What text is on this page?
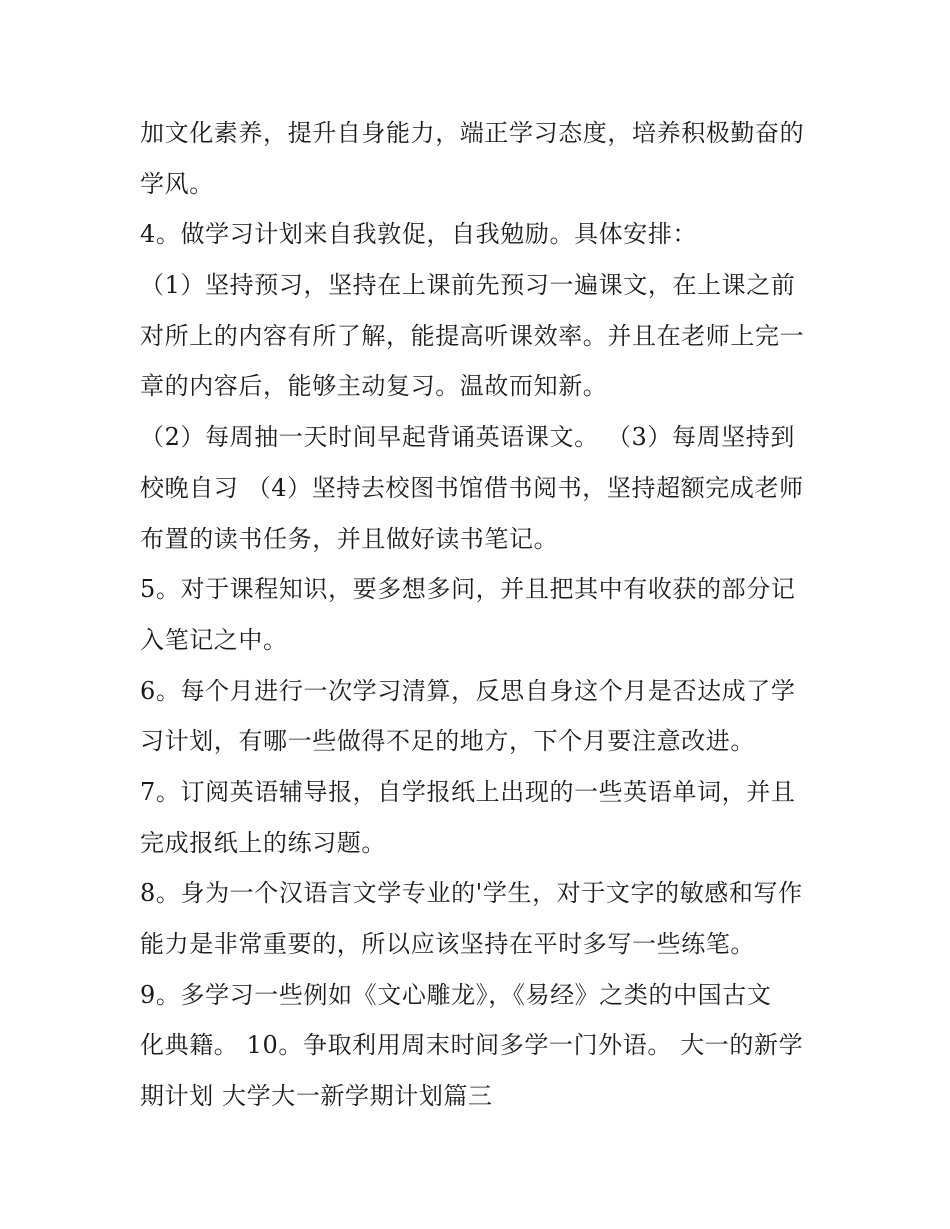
加文化素养，提升自身能力，端正学习态度，培养积极勤奋的
学风。
4。做学习计划来自我敦促，自我勉励。具体安排：
（1）坚持预习，坚持在上课前先预习一遍课文，在上课之前
对所上的内容有所了解，能提高听课效率。并且在老师上完一
章的内容后，能够主动复习。温故而知新。
（2）每周抽一天时间早起背诵英语课文。 （3）每周坚持到
校晚自习 （4）坚持去校图书馆借书阅书，坚持超额完成老师
布置的读书任务，并且做好读书笔记。
5。对于课程知识，要多想多问，并且把其中有收获的部分记
入笔记之中。
6。每个月进行一次学习清算，反思自身这个月是否达成了学
习计划，有哪一些做得不足的地方，下个月要注意改进。
7。订阅英语辅导报，自学报纸上出现的一些英语单词，并且
完成报纸上的练习题。
8。身为一个汉语言文学专业的'学生，对于文字的敏感和写作
能力是非常重要的，所以应该坚持在平时多写一些练笔。
9。多学习一些例如《文心雕龙》，《易经》之类的中国古文
化典籍。 10。争取利用周末时间多学一门外语。 大一的新学
期计划 大学大一新学期计划篇三
